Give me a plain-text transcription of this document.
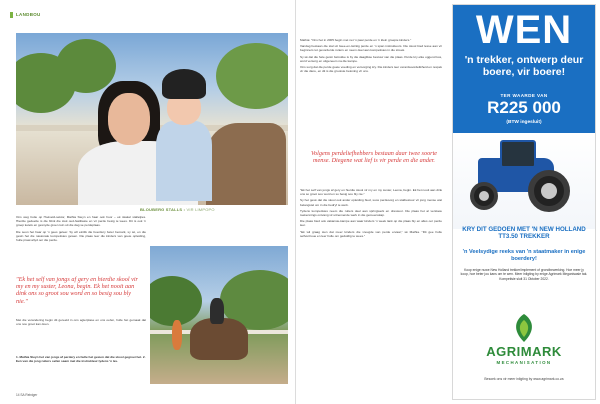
LANDBOU
BLOUBERG STALLS • VIR LIMPOPO

Ons weg buite op Hoëveld-sektor, Mathia Steyn en haar ook hoor – ek skakel stalletjies. Hierdie gedeelte is die blink die stuk oud-fasilitasie en vir perde besig te wees. Dit is ook 'n groep ketels en gesnyde groen tuin uit die dag se perdeplaas.

Die seun het haar op 'n gees geleer. Sy wil eintlik die boerdery beter bemark, sy sê, en die gesin het die nasionale kompetisies gewen. Die plaas leer die kinders van goeie opleiding, hulle praat altyd oor die perde.

"Ek het self van jongs af gery en hierdie skool vir my en my suster, Leona, begin. Ek het nooit aan dink ons so groot sou word en so besig sou bly nie."

Met die verandering begin dit gereeld in ons agterplase en ons oefen, hulle het gemaak dat ons nou groot kan doen.

1. Mathia Steyn het van jongs af perdery en hulle het gesien dat die skool gegroei het. 2. Een van die jong ruiters oefen saam met die instrukteur tydens 'n les.
14 SA Reiniger

Mathia: "Ons het in 2005 begin met net 'n paar perde en 'n klein groepie kinders."

Vandag bestaan die stal uit twee-en-twintig perde en 'n span instrukteurs. Die skool bied lesse aan vir beginners tot gevorderde ruiters en neem deel aan kompetisies in die streek.

Sy sê dat die hele gesin betrokke is by die daaglikse bestuur van die plaas. Perde kry elke oggend kos, word versorg en uitgeneem na die kampe.

Ons sorg dat die perde goeie voeding en versorging kry. Die kinders leer verantwoordelikheid en respek vir die diere, en dit is die grootste beloning vir ons.

Volgens perdeliefhebbers bestaan daar twee soorte mense. Diegene wat lief is vir perde en die ander.

"Ek het self van jongs af gery en hierdie skool vir my en my suster, Leona, begin. Ek het nooit aan dink ons so groot sou word en so besig sou bly nie."

Sy het gesê dat die skool ook ander opleiding bied, soos perdesorg en stalbestuur vir jong mense wat belangstel om in die bedryf te werk.

Tydens kompetisies neem die ruiters deel aan springwerk en dressuur. Die plaas het al verskeie toekennings ontvang vir uitnemende werk in die gemeenskap.

Die plaas bied ook vakansie-kampe aan waar kinders 'n week lank op die plaas bly en alles oor perde leer.

"Ek wil graag sien dat meer kinders die vreugde van perde ervaar," sê Mathia. "Dit gee hulle selfvertroue en leer hulle om geduldig te wees."

WEN
'n trekker, ontwerp deur boere, vir boere!
TER WAARDE VAN
R225 000
(BTW ingesluit)
KRY DIT GEDOEN MET 'N NEW HOLLAND TT3.50 TREKKER
'n Veelsydige reeks van 'n staatmaker in enige boerdery!
Koop enige nuwe New Holland trekker/implement of grondbewerking. Hoe meer jy koop, hoe beter jou kans om te wen. Meer inligting by enige Agrimark Meganisasie tak. Kompetisie sluit 31 Oktober 2022.
AGRIMARK
MECHANISATION
Besoek ons vir meer inligting by www.agrimark.co.za
